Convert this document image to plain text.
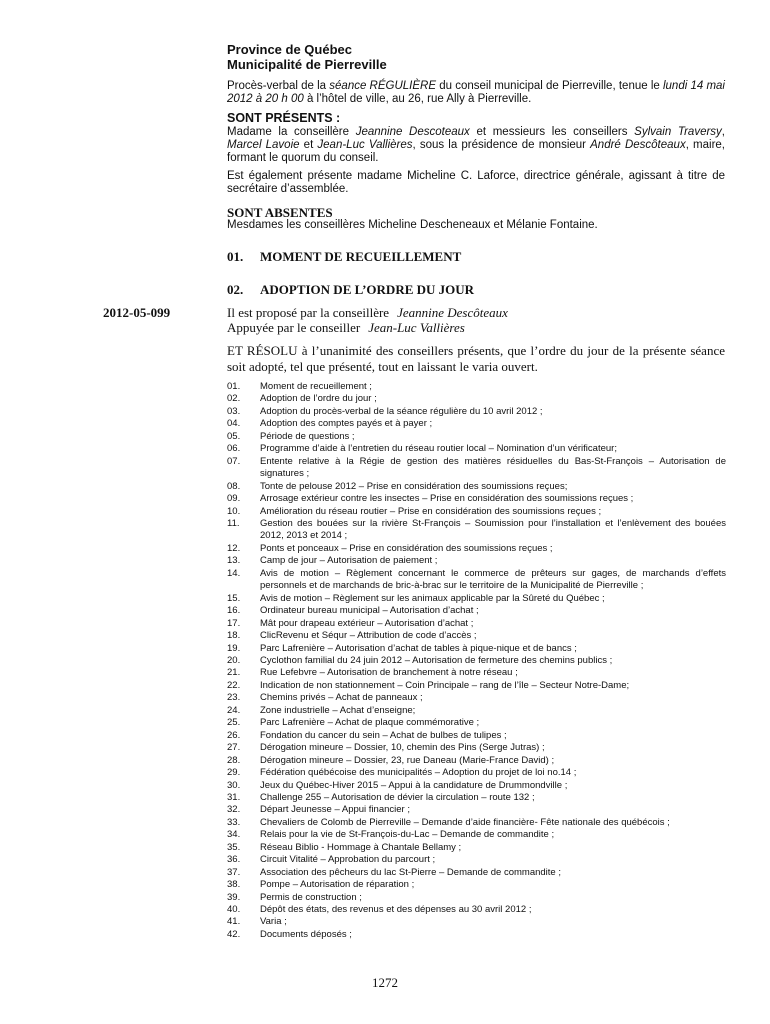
Province de Québec
Municipalité de Pierreville
Procès-verbal de la séance RÉGULIÈRE du conseil municipal de Pierreville, tenue le lundi 14 mai 2012 à 20 h 00 à l’hôtel de ville, au 26, rue Ally à Pierreville.
SONT PRÉSENTS :
Madame la conseillère Jeannine Descoteaux et messieurs les conseillers Sylvain Traversy, Marcel Lavoie et Jean-Luc Vallières, sous la présidence de monsieur André Descôteaux, maire, formant le quorum du conseil.
Est également présente madame Micheline C. Laforce, directrice générale, agissant à titre de secrétaire d’assemblée.
SONT ABSENTES
Mesdames les conseillères Micheline Descheneaux et Mélanie Fontaine.
01. MOMENT DE RECUEILLEMENT
02. ADOPTION DE L’ORDRE DU JOUR
2012-05-099	Il est proposé par la conseillère Jeannine Descôteaux
Appuyée par le conseiller Jean-Luc Vallières
ET RÉSOLU à l’unanimité des conseillers présents, que l’ordre du jour de la présente séance soit adopté, tel que présenté, tout en laissant le varia ouvert.
01.	Moment de recueillement ;
02.	Adoption de l’ordre du jour ;
03.	Adoption du procès-verbal de la séance régulière du 10 avril 2012 ;
04.	Adoption des comptes payés et à payer ;
05.	Période de questions ;
06.	Programme d’aide à l’entretien du réseau routier local – Nomination d’un vérificateur;
07.	Entente relative à la Régie de gestion des matières résiduelles du Bas-St-François – Autorisation de signatures ;
08.	Tonte de pelouse 2012 – Prise en considération des soumissions reçues;
09.	Arrosage extérieur contre les insectes – Prise en considération des soumissions reçues ;
10.	Amélioration du réseau routier – Prise en considération des soumissions reçues ;
11.	Gestion des bouées sur la rivière St-François – Soumission pour l’installation et l’enlèvement des bouées 2012, 2013 et 2014 ;
12.	Ponts et ponceaux – Prise en considération des soumissions reçues ;
13.	Camp de jour – Autorisation de paiement ;
14.	Avis de motion – Règlement concernant le commerce de prêteurs sur gages, de marchands d’effets personnels et de marchands de bric-à-brac sur le territoire de la Municipalité de Pierreville ;
15.	Avis de motion – Règlement sur les animaux applicable par la Sûreté du Québec ;
16.	Ordinateur bureau municipal – Autorisation d’achat ;
17.	Mât pour drapeau extérieur – Autorisation d’achat ;
18.	ClicRevenu et Séqur – Attribution de code d’accès ;
19.	Parc Lafrenière – Autorisation d’achat de tables à pique-nique et de bancs ;
20.	Cyclothon familial du 24 juin 2012 – Autorisation de fermeture des chemins publics ;
21.	Rue Lefebvre – Autorisation de branchement à notre réseau ;
22.	Indication de non stationnement – Coin Principale – rang de l’île – Secteur Notre-Dame;
23.	Chemins privés – Achat de panneaux ;
24.	Zone industrielle – Achat d’enseigne;
25.	Parc Lafrenière – Achat de plaque commémorative ;
26.	Fondation du cancer du sein – Achat de bulbes de tulipes ;
27.	Dérogation mineure – Dossier, 10, chemin des Pins (Serge Jutras) ;
28.	Dérogation mineure – Dossier, 23, rue Daneau (Marie-France David) ;
29.	Fédération québécoise des municipalités – Adoption du projet de loi no.14 ;
30.	Jeux du Québec-Hiver 2015 – Appui à la candidature de Drummondville ;
31.	Challenge 255 – Autorisation de dévier la circulation – route 132 ;
32.	Départ Jeunesse – Appui financier ;
33.	Chevaliers de Colomb de Pierreville – Demande d’aide financière- Fête nationale des québécois ;
34.	Relais pour la vie de St-François-du-Lac – Demande de commandite ;
35.	Réseau Biblio - Hommage à Chantale Bellamy ;
36.	Circuit Vitalité – Approbation du parcourt ;
37.	Association des pêcheurs du lac St-Pierre – Demande de commandite ;
38.	Pompe – Autorisation de réparation ;
39.	Permis de construction ;
40.	Dépôt des états, des revenus et des dépenses au 30 avril 2012 ;
41.	Varia ;
42.	Documents déposés ;
1272
